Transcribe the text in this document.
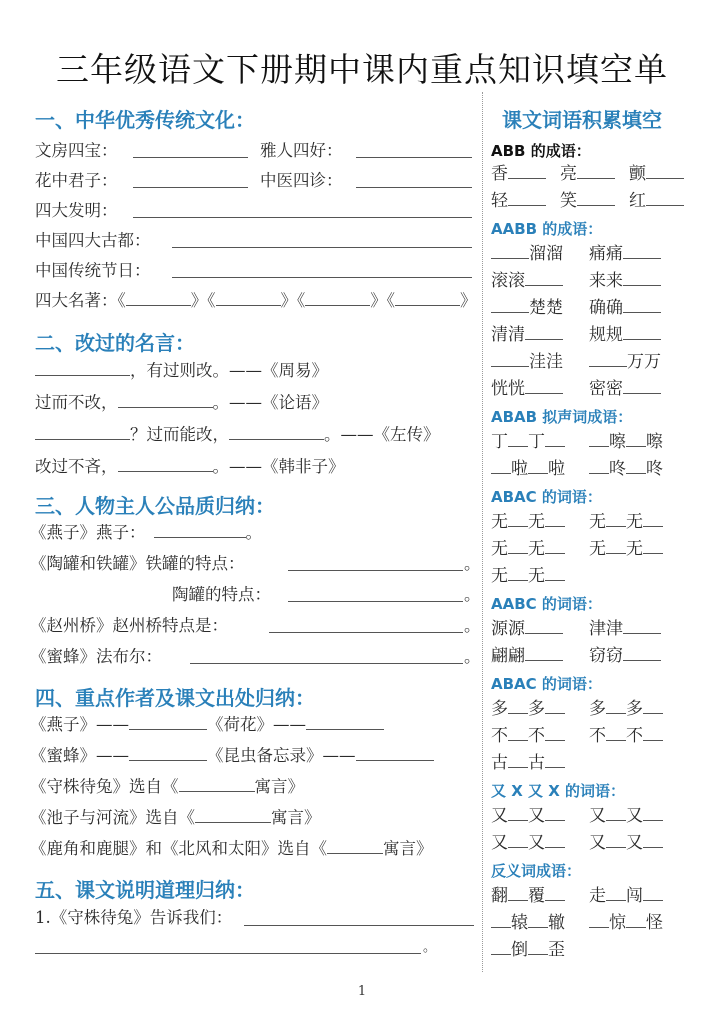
三年级语文下册期中课内重点知识填空单
一、中华优秀传统文化：
文房四宝：	雅人四好：
花中君子：	中医四诊：
四大发明：
中国四大古都：
中国传统节日：
四大名著：《	》《	》《	》《	》
二、改过的名言：
，有过则改。——《周易》
过而不改，	。——《论语》
？过而能改，	。——《左传》
改过不吝，	。——《韩非子》
三、人物主人公品质归纳：
《燕子》燕子：	。
《陶罐和铁罐》铁罐的特点：	。
陶罐的特点：	。
《赵州桥》赵州桥特点是：	。
《蜜蜂》法布尔：	。
四、重点作者及课文出处归纳：
《燕子》——	《荷花》——
《蜜蜂》——	《昆虫备忘录》——
《守株待兔》选自《	寓言》
《池子与河流》选自《	寓言》
《鹿角和鹿腿》和《北风和太阳》选自《	寓言》
五、课文说明道理归纳：
1.《守株待兔》告诉我们：
。
1
课文词语积累填空
ABB 的成语：
香	亮	颤
轻	笑	红
AABB 的成语：
溜溜 痛痛
滚滚	来来
楚楚 确确
清清	规规
洼洼	万万
恍恍	密密
ABAB 拟声词成语：
丁 丁	嚓 嚓
啦 啦	咚 咚
ABAC 的词语：
无 无	无 无
无 无	无 无
无 无
AABC 的词语：
源源	津津
翩翩	窃窃
ABAC 的词语：
多 多	多 多
不 不	不 不
古 古
又 X 又 X 的词语：
又 又	又 又
又 又	又 又
反义词成语：
翻 覆	走 闯
辕 辙	惊 怪
倒 歪
